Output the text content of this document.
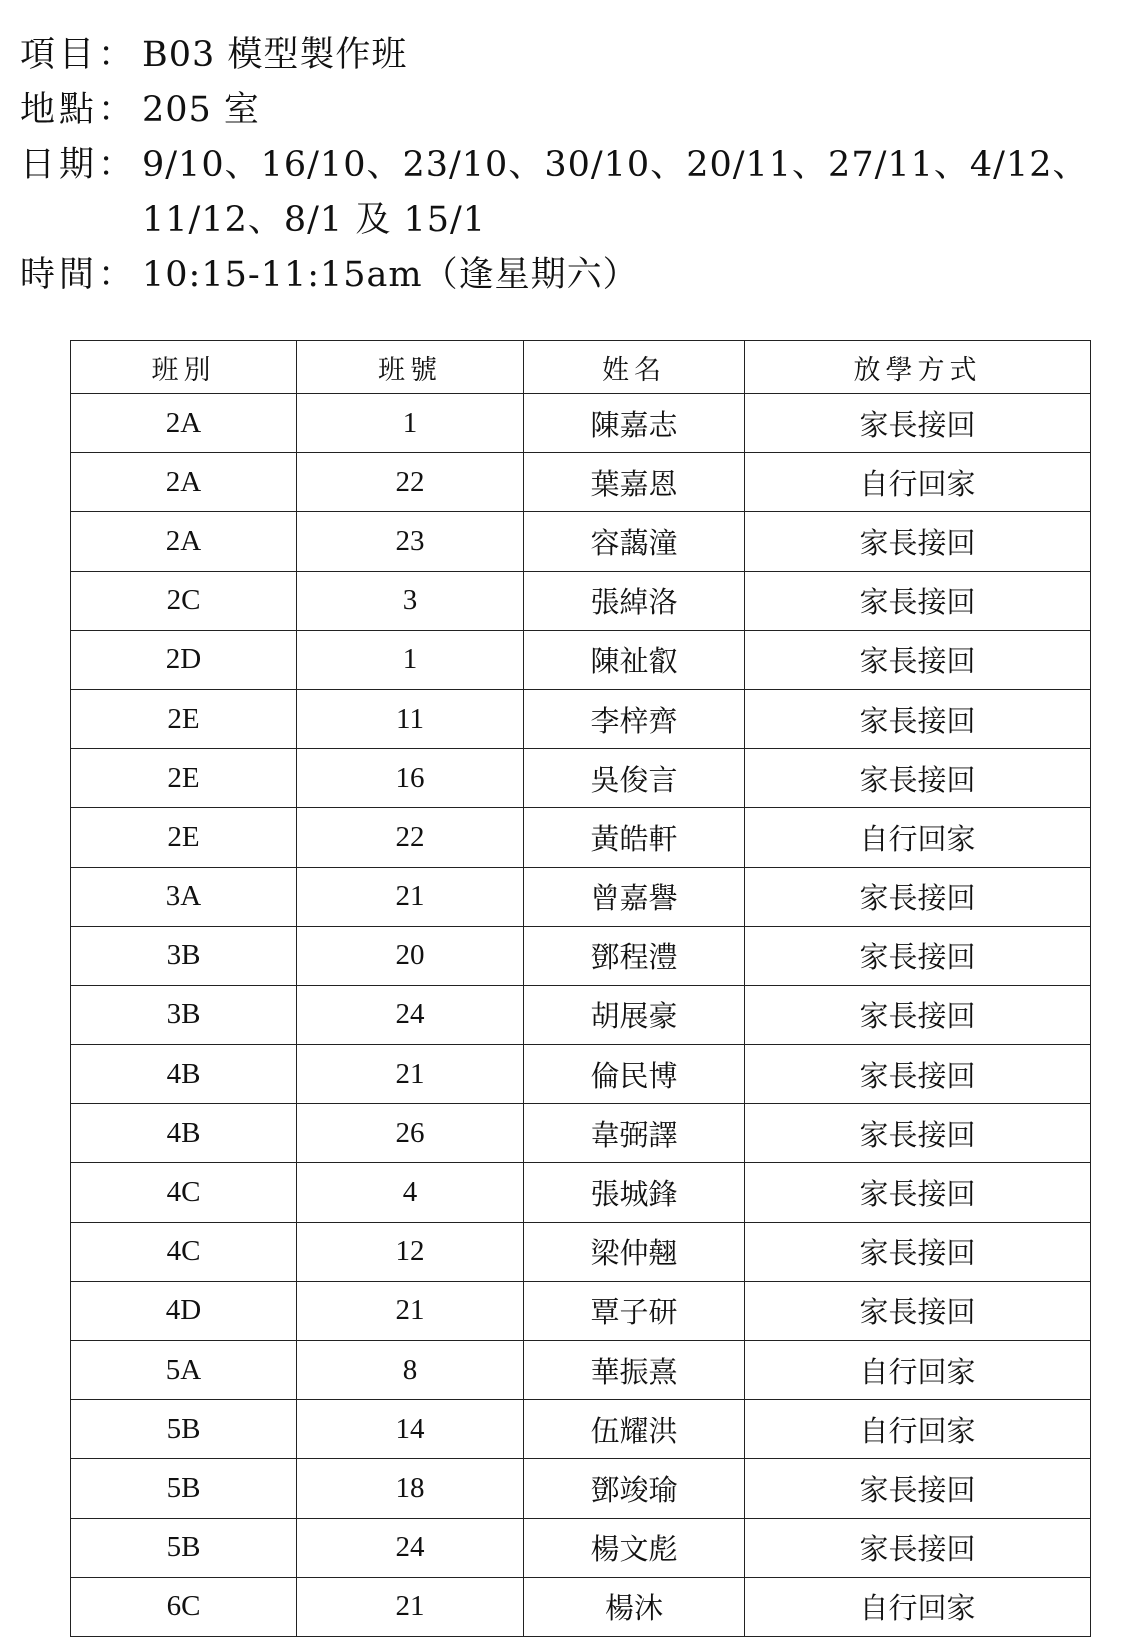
項目： B03 模型製作班
地點： 205 室
日期： 9/10、16/10、23/10、30/10、20/11、27/11、4/12、
11/12、8/1 及 15/1
時間： 10:15-11:15am（逢星期六）
班別	班號	姓名	放學方式
2A	1	陳嘉志	家長接回
2A	22	葉嘉恩	自行回家
2A	23	容藹潼	家長接回
2C	3	張綽洛	家長接回
2D	1	陳祉叡	家長接回
2E	11	李梓齊	家長接回
2E	16	吳俊言	家長接回
2E	22	黃皓軒	自行回家
3A	21	曾嘉譽	家長接回
3B	20	鄧程澧	家長接回
3B	24	胡展豪	家長接回
4B	21	倫民博	家長接回
4B	26	韋弼譯	家長接回
4C	4	張城鋒	家長接回
4C	12	梁仲翹	家長接回
4D	21	覃子研	家長接回
5A	8	華振熹	自行回家
5B	14	伍耀洪	自行回家
5B	18	鄧竣瑜	家長接回
5B	24	楊文彪	家長接回
6C	21	楊沐	自行回家
